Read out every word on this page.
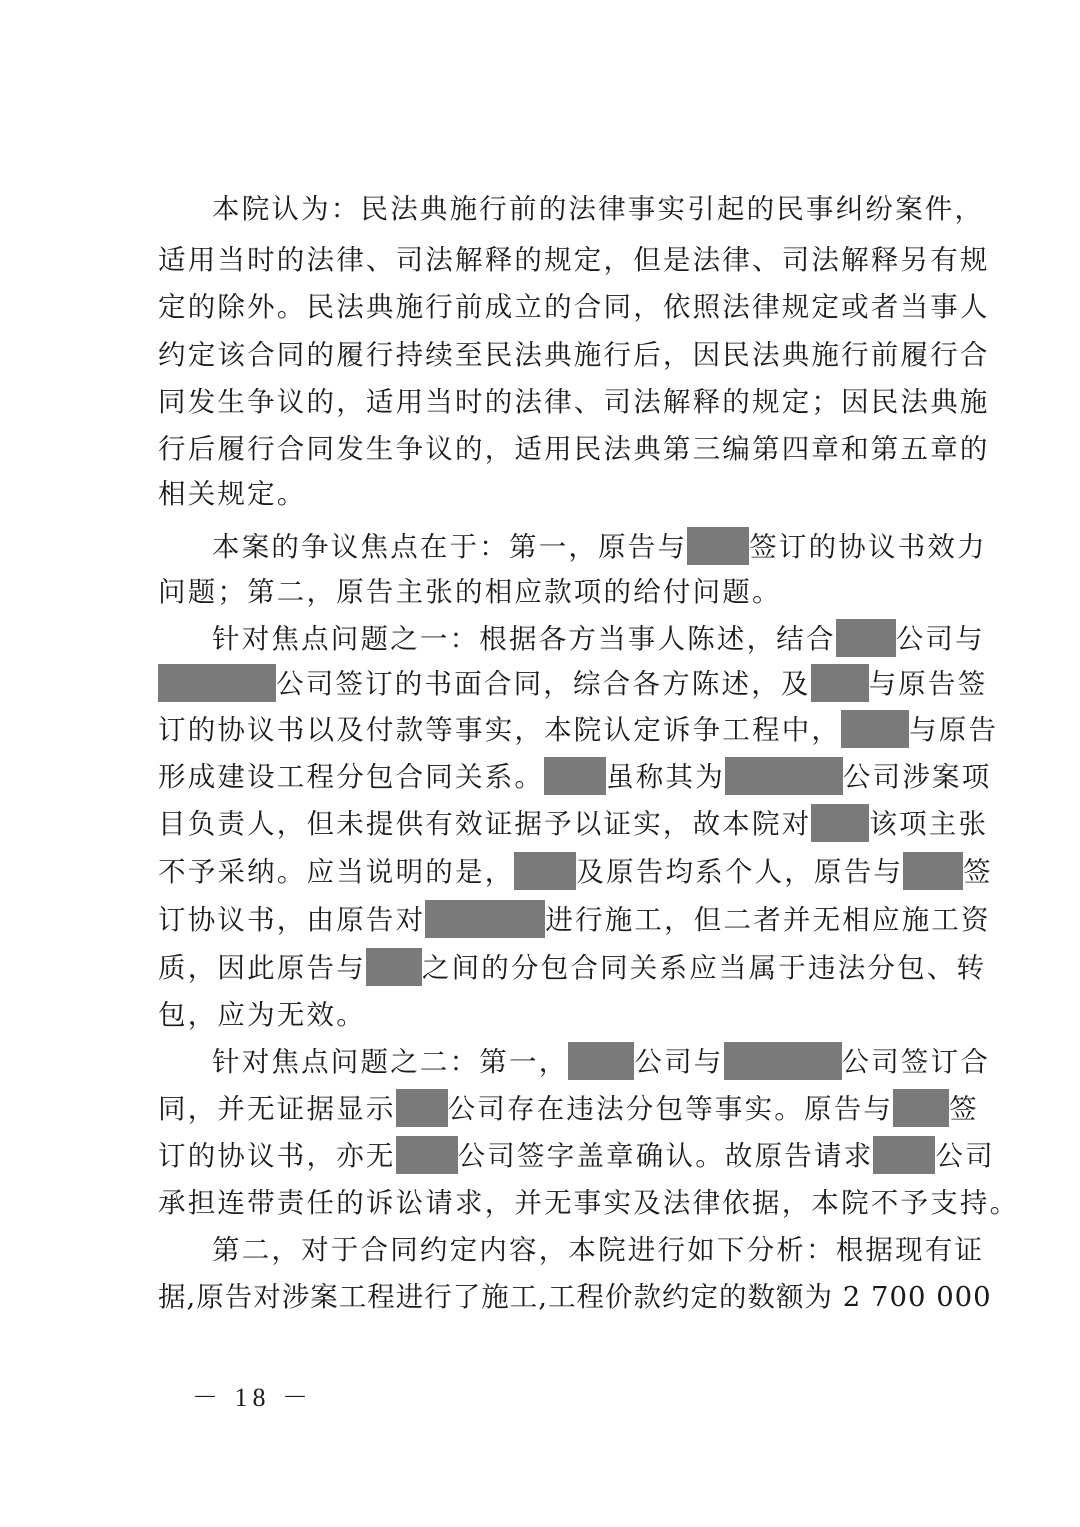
本院认为：民法典施行前的法律事实引起的民事纠纷案件，
适用当时的法律、司法解释的规定，但是法律、司法解释另有规
定的除外。民法典施行前成立的合同，依照法律规定或者当事人
约定该合同的履行持续至民法典施行后，因民法典施行前履行合
同发生争议的，适用当时的法律、司法解释的规定；因民法典施
行后履行合同发生争议的，适用民法典第三编第四章和第五章的
相关规定。
本案的争议焦点在于：第一，原告与 签订的协议书效力
问题；第二，原告主张的相应款项的给付问题。
针对焦点问题之一：根据各方当事人陈述，结合 公司与
公司签订的书面合同，综合各方陈述，及 与原告签
订的协议书以及付款等事实，本院认定诉争工程中， 与原告
形成建设工程分包合同关系。 虽称其为	公司涉案项
目负责人，但未提供有效证据予以证实，故本院对 该项主张
不予采纳。应当说明的是， 及原告均系个人，原告与 签
订协议书，由原告对	进行施工，但二者并无相应施工资
质，因此原告与 之间的分包合同关系应当属于违法分包、转
包，应为无效。
针对焦点问题之二：第一， 公司与	公司签订合
同，并无证据显示 公司存在违法分包等事实。原告与 签
订的协议书，亦无 公司签字盖章确认。故原告请求 公司
承担连带责任的诉讼请求，并无事实及法律依据，本院不予支持。
第二，对于合同约定内容，本院进行如下分析：根据现有证
据,原告对涉案工程进行了施工,工程价款约定的数额为 2 700 000
－ 18 －
